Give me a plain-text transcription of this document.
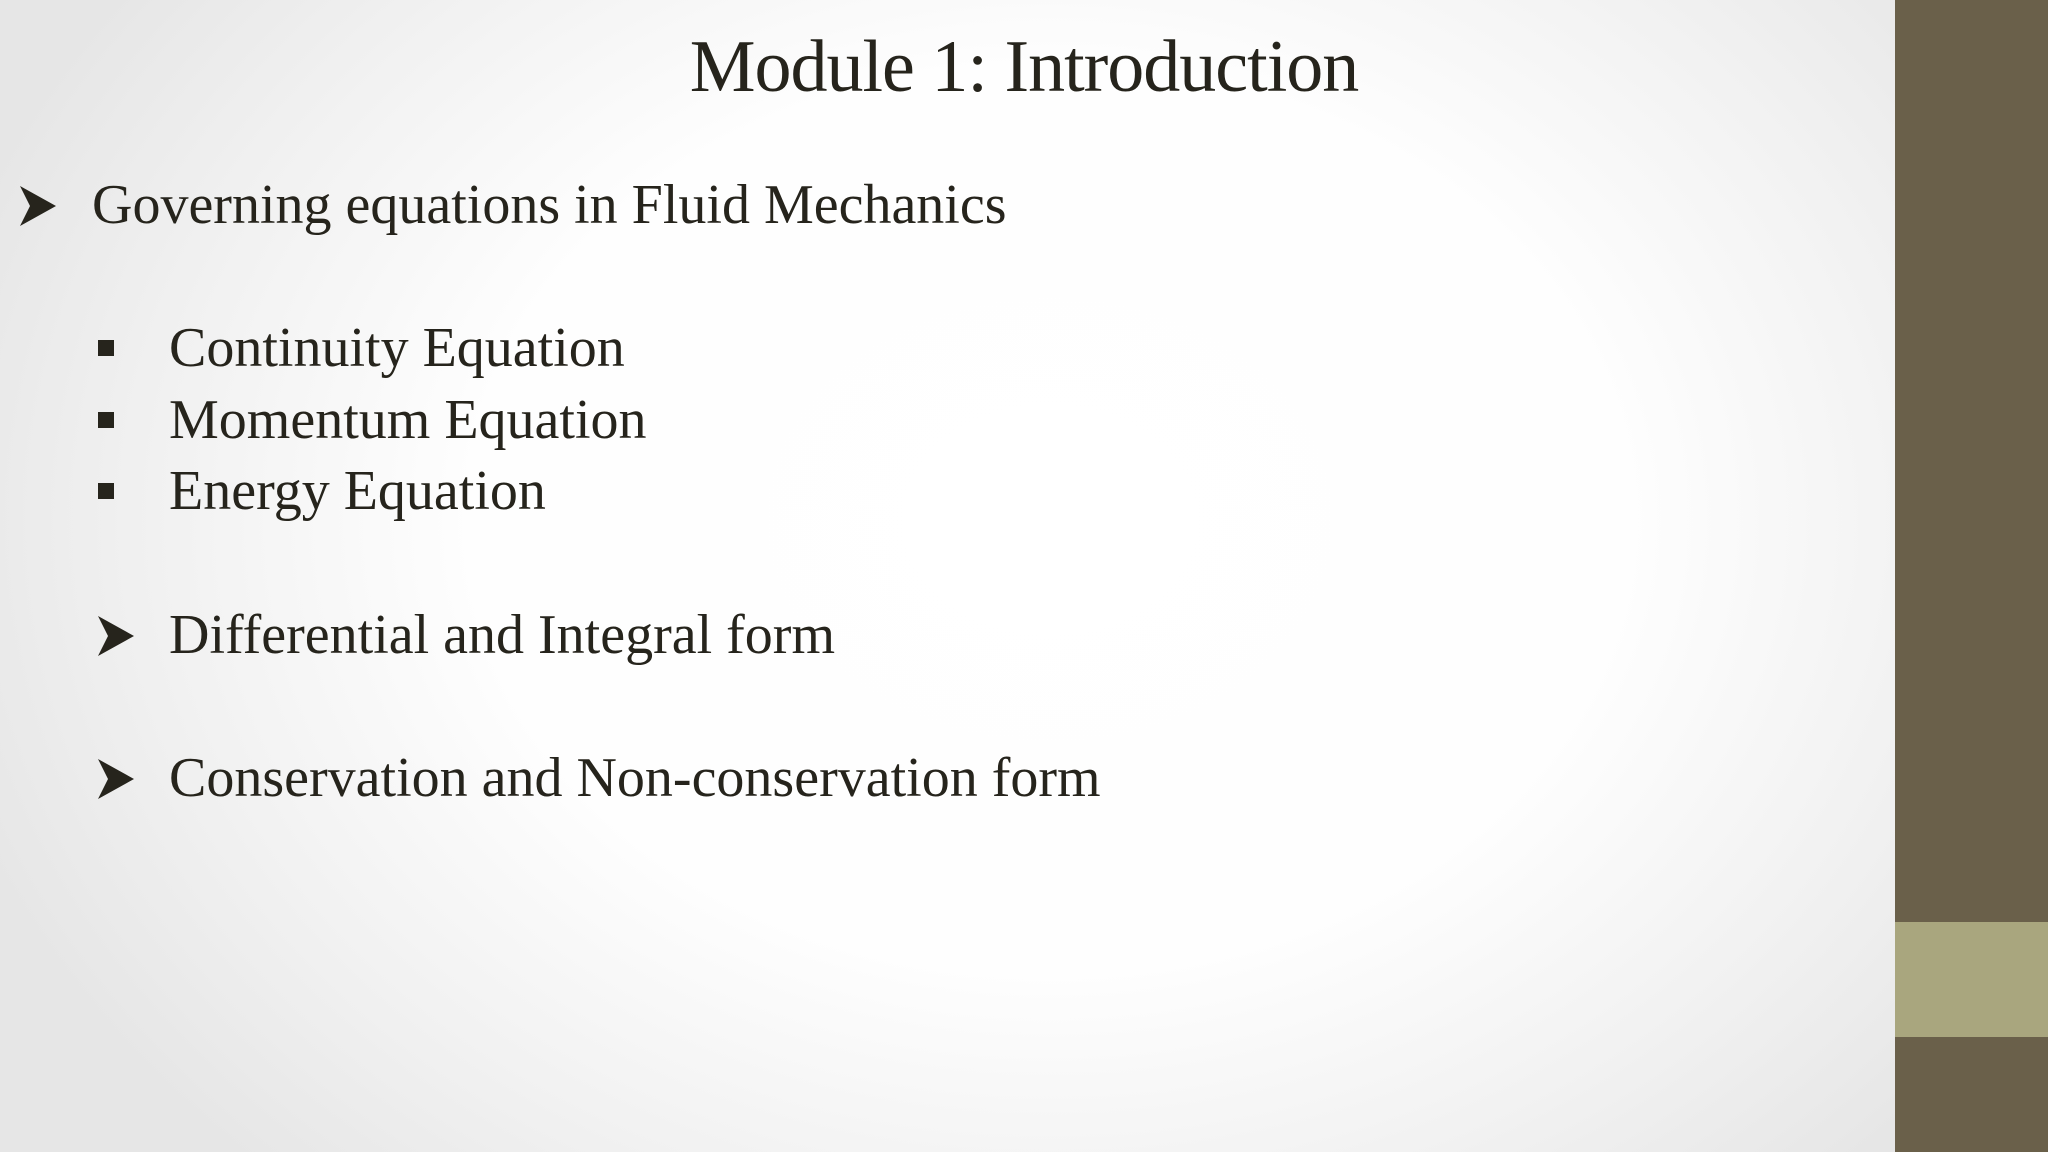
Module 1: Introduction
Governing equations in Fluid Mechanics
Continuity Equation
Momentum Equation
Energy Equation
Differential and Integral form
Conservation and Non-conservation form
